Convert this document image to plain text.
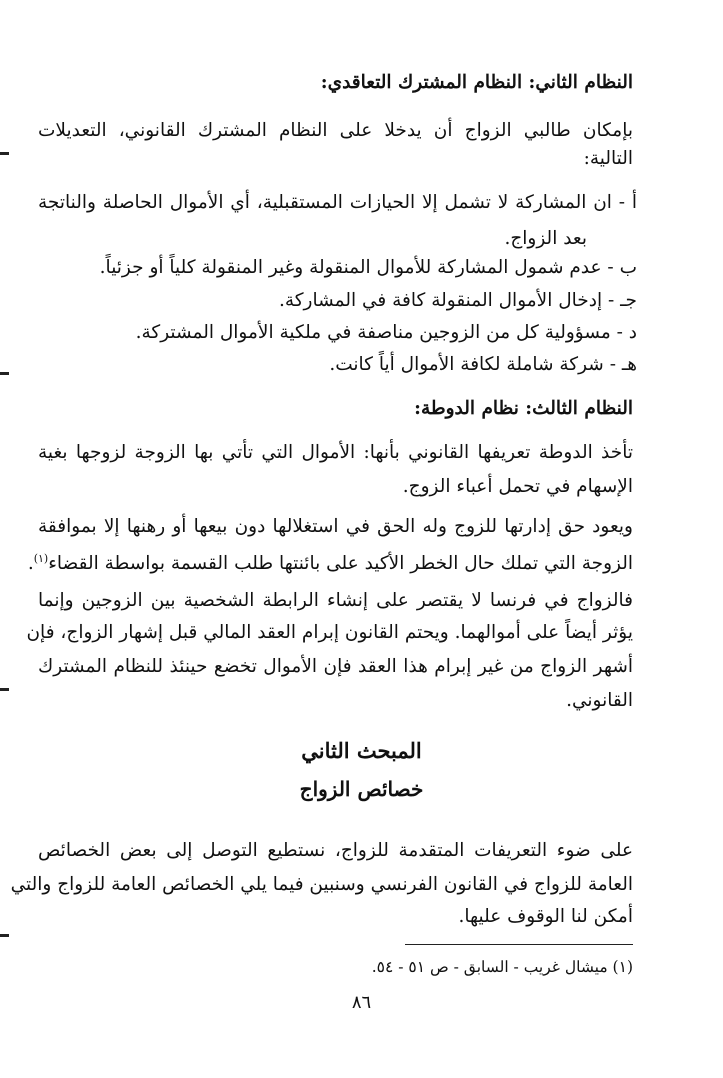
النظام الثاني: النظام المشترك التعاقدي:
بإمكان طالبي الزواج أن يدخلا على النظام المشترك القانوني، التعديلات
التالية:
أ - ان المشاركة لا تشمل إلا الحيازات المستقبلية، أي الأموال الحاصلة والناتجة
بعد الزواج.
ب - عدم شمول المشاركة للأموال المنقولة وغير المنقولة كلياً أو جزئياً.
جـ - إدخال الأموال المنقولة كافة في المشاركة.
د - مسؤولية كل من الزوجين مناصفة في ملكية الأموال المشتركة.
هـ - شركة شاملة لكافة الأموال أياً كانت.
النظام الثالث: نظام الدوطة:
تأخذ الدوطة تعريفها القانوني بأنها: الأموال التي تأتي بها الزوجة لزوجها بغية
الإسهام في تحمل أعباء الزوج.
ويعود حق إدارتها للزوج وله الحق في استغلالها دون بيعها أو رهنها إلا بموافقة
الزوجة التي تملك حال الخطر الأكيد على بائنتها طلب القسمة بواسطة القضاء$^{(١)}$.
فالزواج في فرنسا لا يقتصر على إنشاء الرابطة الشخصية بين الزوجين وإنما
يؤثر أيضاً على أموالهما. ويحتم القانون إبرام العقد المالي قبل إشهار الزواج، فإن
أشهر الزواج من غير إبرام هذا العقد فإن الأموال تخضع حينئذ للنظام المشترك
القانوني.
المبحث الثاني
خصائص الزواج
على ضوء التعريفات المتقدمة للزواج، نستطيع التوصل إلى بعض الخصائص
العامة للزواج في القانون الفرنسي وسنبين فيما يلي الخصائص العامة للزواج والتي
أمكن لنا الوقوف عليها.
(١) ميشال غريب - السابق - ص ٥١ - ٥٤.
٨٦
